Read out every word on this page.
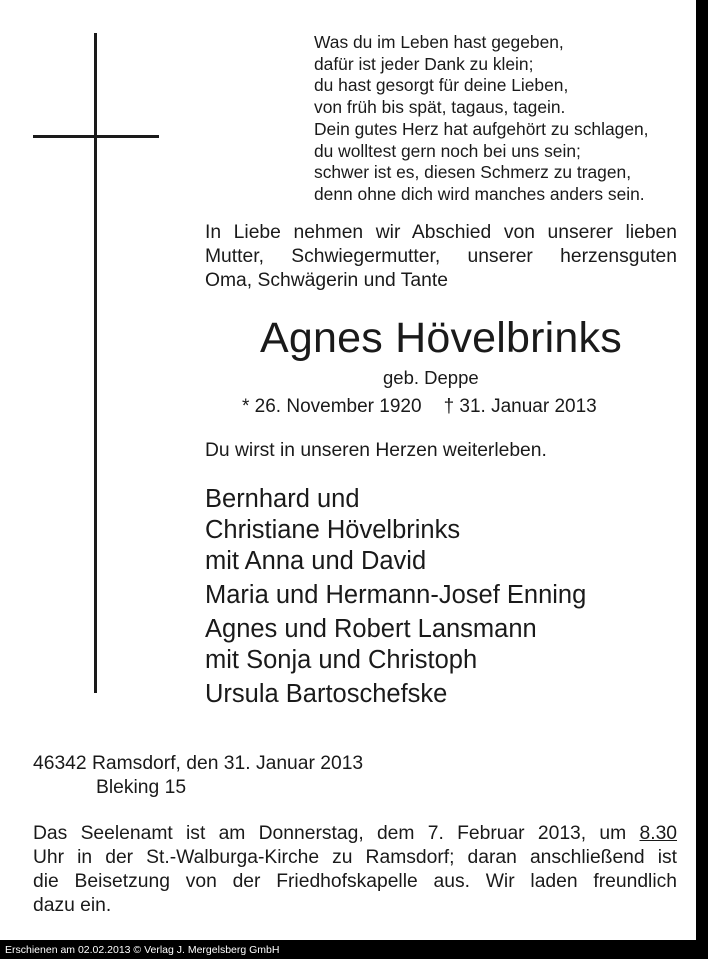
Was du im Leben hast gegeben,
dafür ist jeder Dank zu klein;
du hast gesorgt für deine Lieben,
von früh bis spät, tagaus, tagein.
Dein gutes Herz hat aufgehört zu schlagen,
du wolltest gern noch bei uns sein;
schwer ist es, diesen Schmerz zu tragen,
denn ohne dich wird manches anders sein.
In Liebe nehmen wir Abschied von unserer lieben
Mutter, Schwiegermutter, unserer herzensguten
Oma, Schwägerin und Tante
Agnes Hövelbrinks
geb. Deppe
* 26. November 1920 † 31. Januar 2013
Du wirst in unseren Herzen weiterleben.
Bernhard und
Christiane Hövelbrinks
mit Anna und David
Maria und Hermann-Josef Enning
Agnes und Robert Lansmann
mit Sonja und Christoph
Ursula Bartoschefske
46342 Ramsdorf, den 31. Januar 2013
Bleking 15
Das Seelenamt ist am Donnerstag, dem 7. Februar 2013, um 8.30
Uhr in der St.-Walburga-Kirche zu Ramsdorf; daran anschließend ist
die Beisetzung von der Friedhofskapelle aus. Wir laden freundlich
dazu ein.
Erschienen am 02.02.2013 © Verlag J. Mergelsberg GmbH
